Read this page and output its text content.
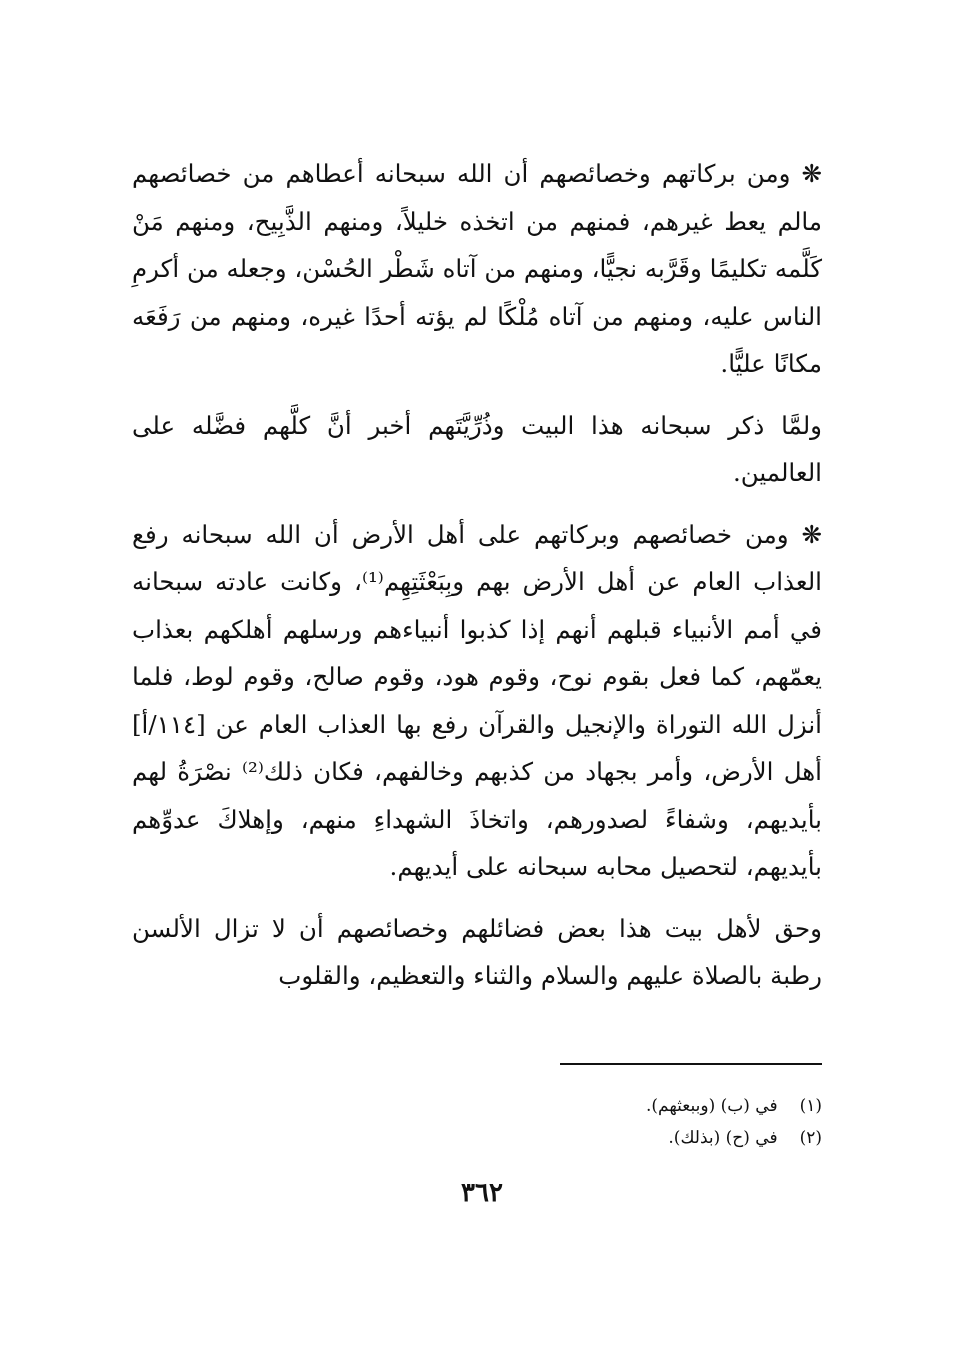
❋ ومن بركاتهم وخصائصهم أن الله سبحانه أعطاهم من خصائصهم مالم يعط غيرهم، فمنهم من اتخذه خليلاً، ومنهم الذَّبِيح، ومنهم مَنْ كَلَّمه تكليمًا وقَرَّبه نجيًّا، ومنهم من آتاه شَطْر الحُسْن، وجعله من أكرمِ الناس عليه، ومنهم من آتاه مُلْكًا لم يؤته أحدًا غيره، ومنهم من رَفَعَه مكانًا عليًّا.

ولمَّا ذكر سبحانه هذا البيت وذُرِّيَّتَهم أخبر أنَّ كلَّهم فضَّله على العالمين.

❋ ومن خصائصهم وبركاتهم على أهل الأرض أن الله سبحانه رفع العذاب العام عن أهل الأرض بهم وبِبَعْثَتِهِم⁽¹⁾، وكانت عادته سبحانه في أمم الأنبياء قبلهم أنهم إذا كذبوا أنبياءهم ورسلهم أهلكهم بعذاب يعمّهم، كما فعل بقوم نوح، وقوم هود، وقوم صالح، وقوم لوط، فلما أنزل الله التوراة والإنجيل والقرآن رفع بها العذاب العام عن [١١٤/أ] أهل الأرض، وأمر بجهاد من كذبهم وخالفهم، فكان ذلك⁽²⁾ نصْرَةُ لهم بأيديهم، وشفاءً لصدورهم، واتخاذَ الشهداءِ منهم، وإهلاكَ عدوِّهم بأيديهم، لتحصيل محابه سبحانه على أيديهم.

وحق لأهل بيت هذا بعض فضائلهم وخصائصهم أن لا تزال الألسن رطبة بالصلاة عليهم والسلام والثناء والتعظيم، والقلوب

(١)
في (ب) (وببعثهم).
(٢)
في (ح) (بذلك).
٣٦٢
